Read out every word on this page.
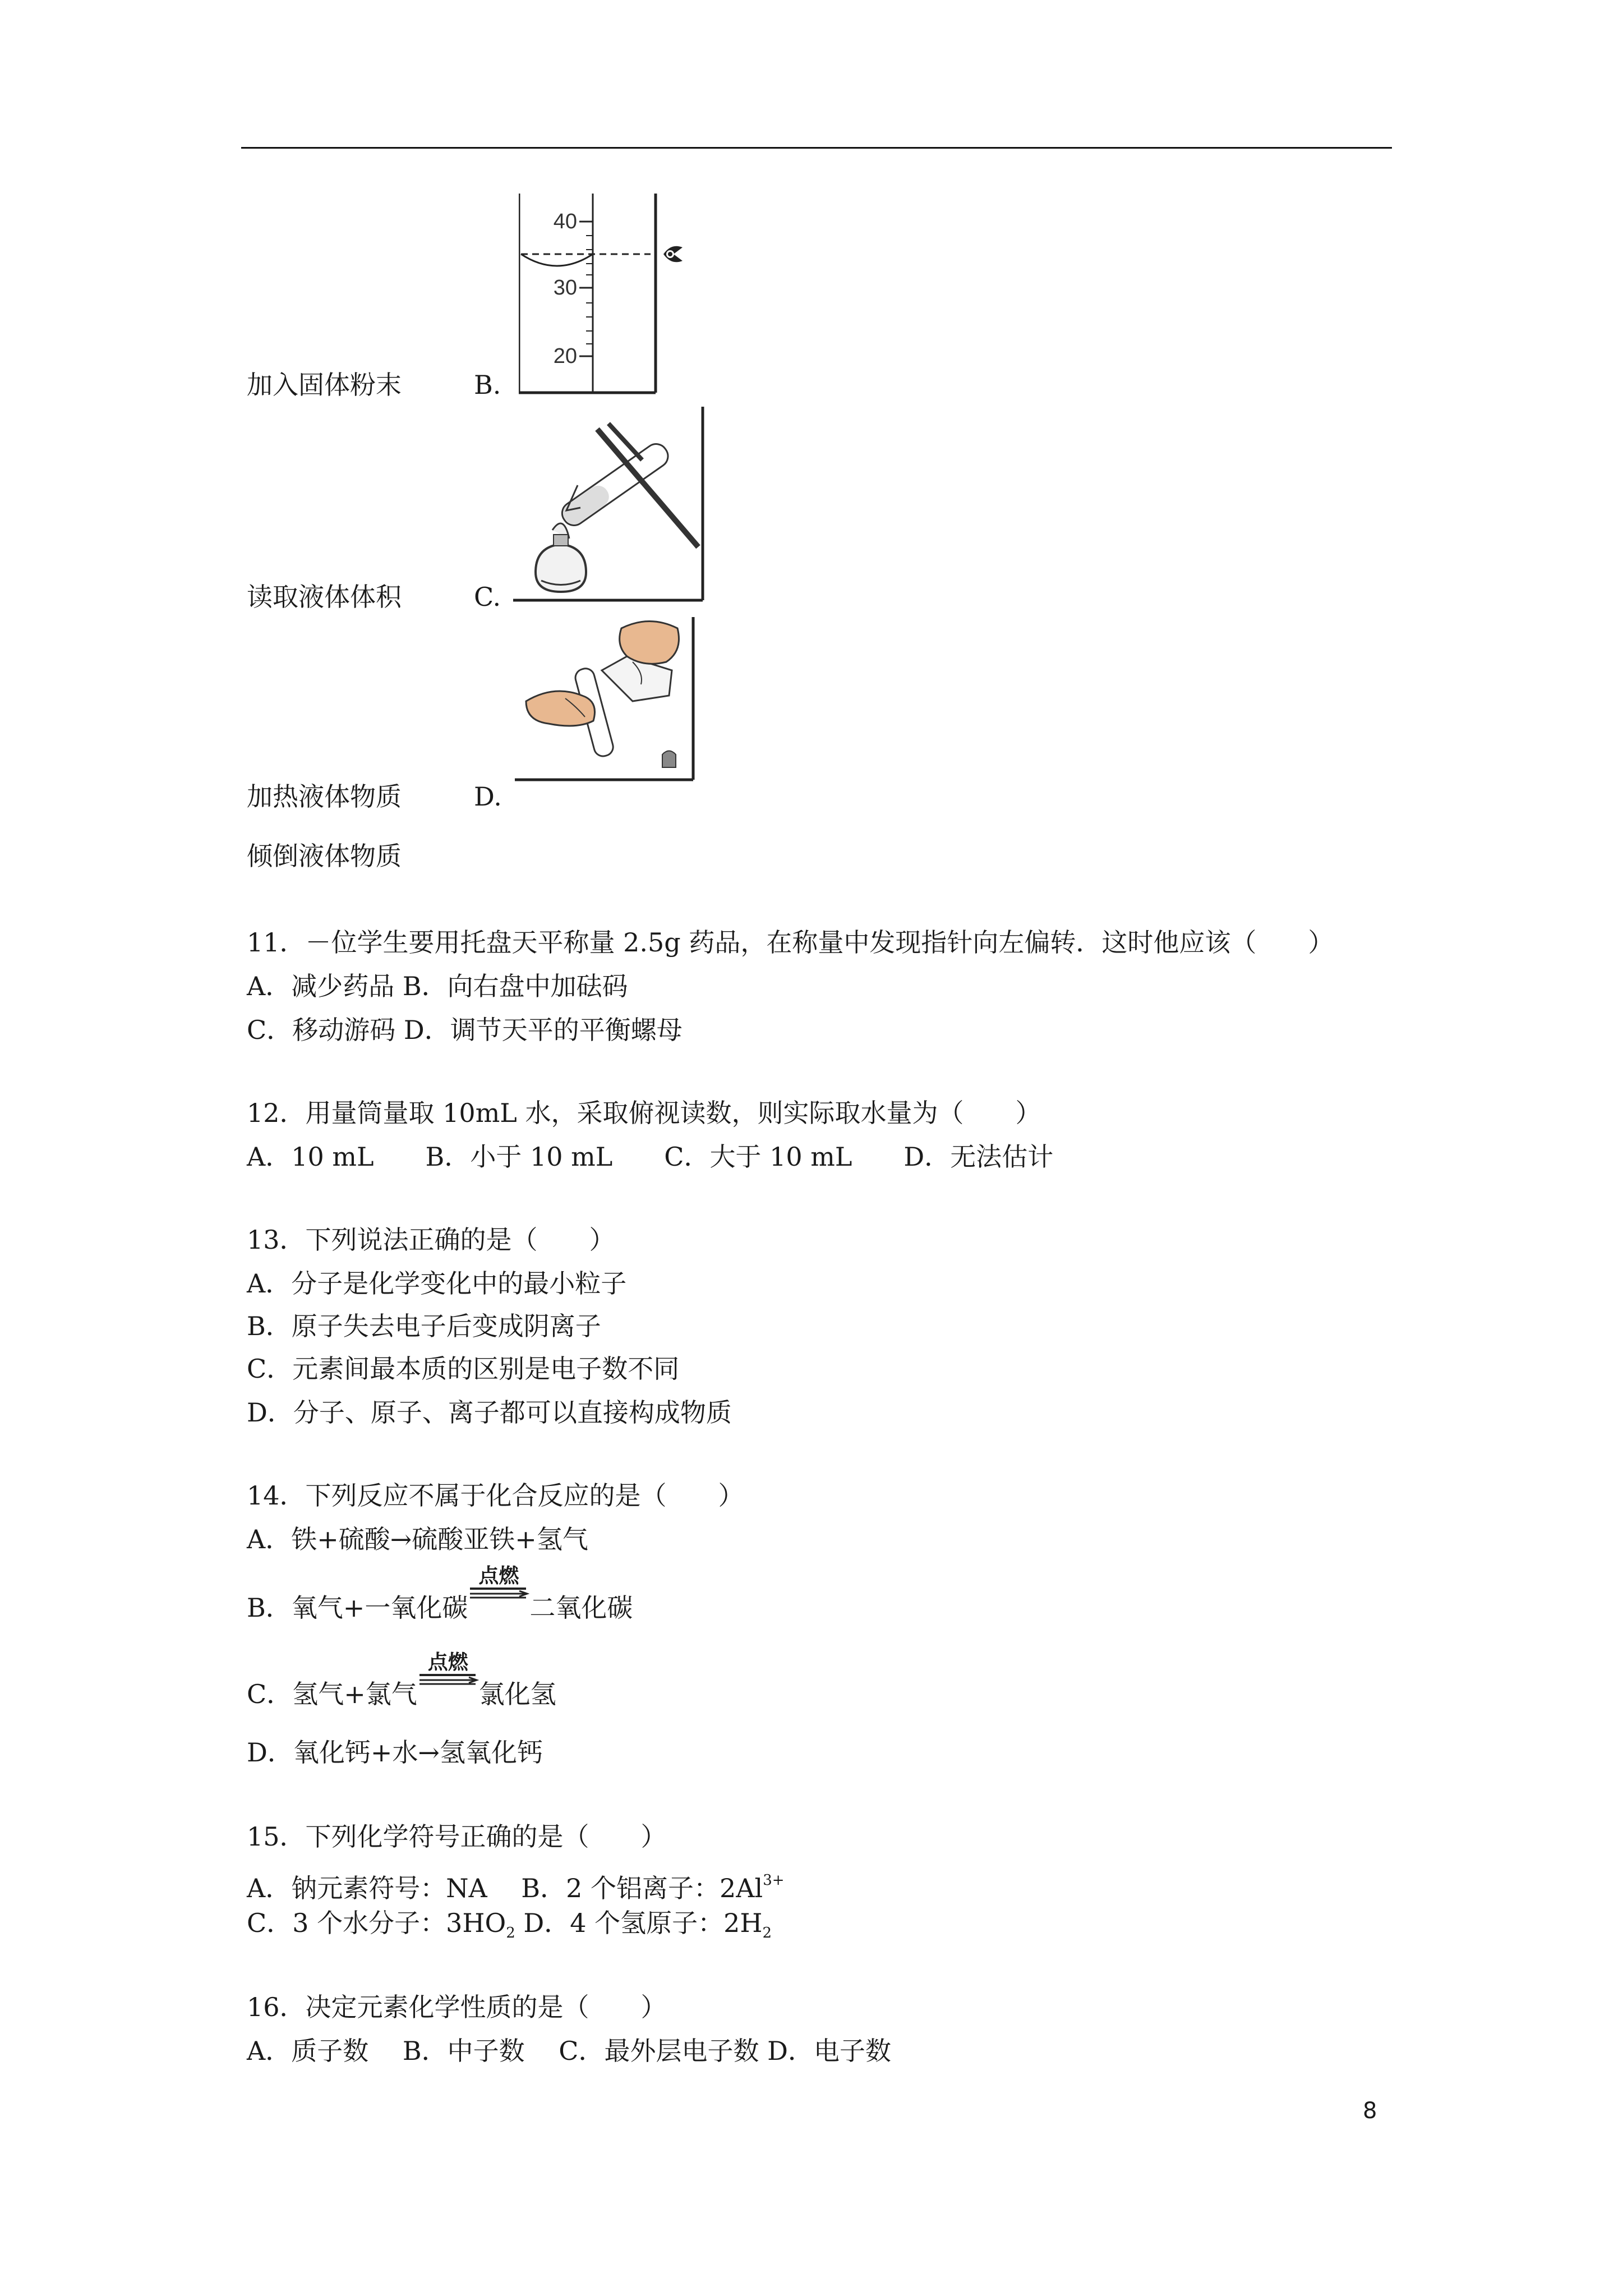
40
30
20
加入固体粉末	B.
读取液体体积	C.
加热液体物质	D.
倾倒液体物质
11．－位学生要用托盘天平称量 2.5g 药品，在称量中发现指针向左偏转．这时他应该（　　）
A．减少药品 B．向右盘中加砝码
C．移动游码 D．调节天平的平衡螺母
12．用量筒量取 10mL 水，采取俯视读数，则实际取水量为（　　）
A．10 mL　　B．小于 10 mL　　C．大于 10 mL　　D．无法估计
13．下列说法正确的是（　　）
A．分子是化学变化中的最小粒子
B．原子失去电子后变成阴离子
C．元素间最本质的区别是电子数不同
D．分子、原子、离子都可以直接构成物质
14．下列反应不属于化合反应的是（　　）
A．铁+硫酸→硫酸亚铁+氢气
B．氧气+一氧化碳
点燃
二氧化碳
C．氢气+氯气
点燃
氯化氢
D．氧化钙+水→氢氧化钙
15．下列化学符号正确的是（　　）
A．钠元素符号：NA　 B．2 个铝离子：$2Al^{3+}$
C．3 个水分子：$3HO_2$ D．4 个氢原子：$2H_2$
16．决定元素化学性质的是（　　）
A．质子数　 B．中子数　 C．最外层电子数 D．电子数
8
